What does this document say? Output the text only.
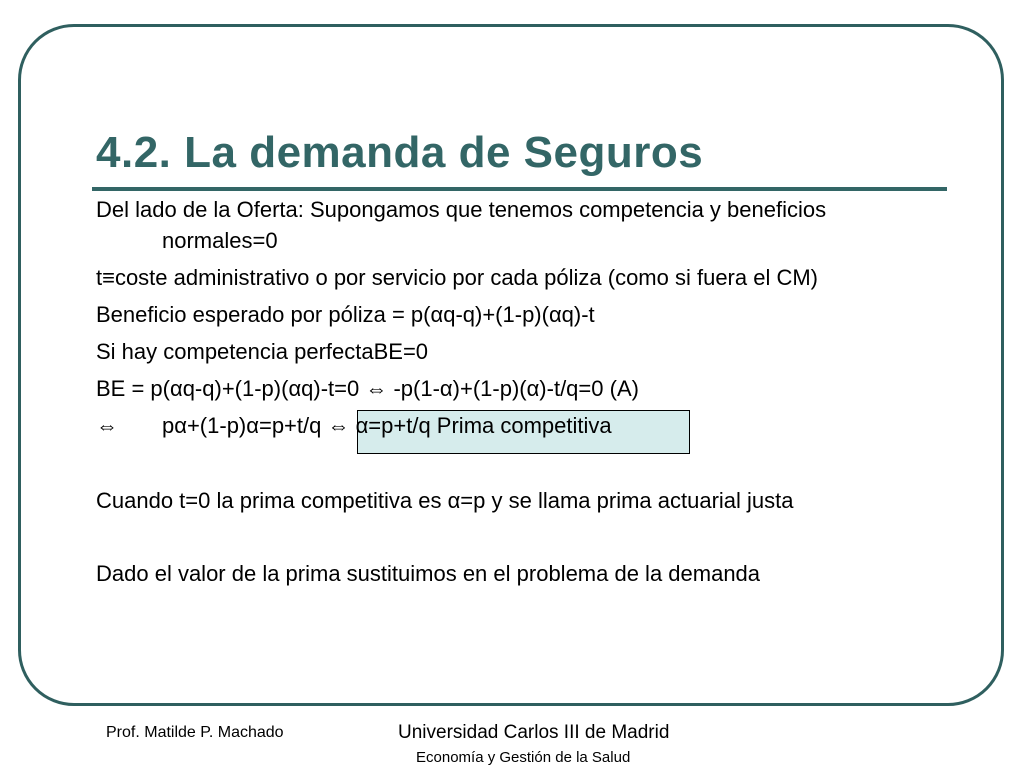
4.2. La demanda de Seguros
Del lado de la Oferta: Supongamos que tenemos competencia y beneficios
normales=0
t≡coste administrativo o por servicio por cada póliza (como si fuera el CM)
Beneficio esperado por póliza = p(αq-q)+(1-p)(αq)-t
Si hay competencia perfectaBE=0
BE = p(αq-q)+(1-p)(αq)-t=0 ⇔ -p(1-α)+(1-p)(α)-t/q=0 (A)
⇔ pα+(1-p)α=p+t/q ⇔ α=p+t/q Prima competitiva
Cuando t=0 la prima competitiva es α=p y se llama prima actuarial justa
Dado el valor de la prima sustituimos en el problema de la demanda
Prof. Matilde P. Machado	Universidad Carlos III de Madrid
Economía y Gestión de la Salud
